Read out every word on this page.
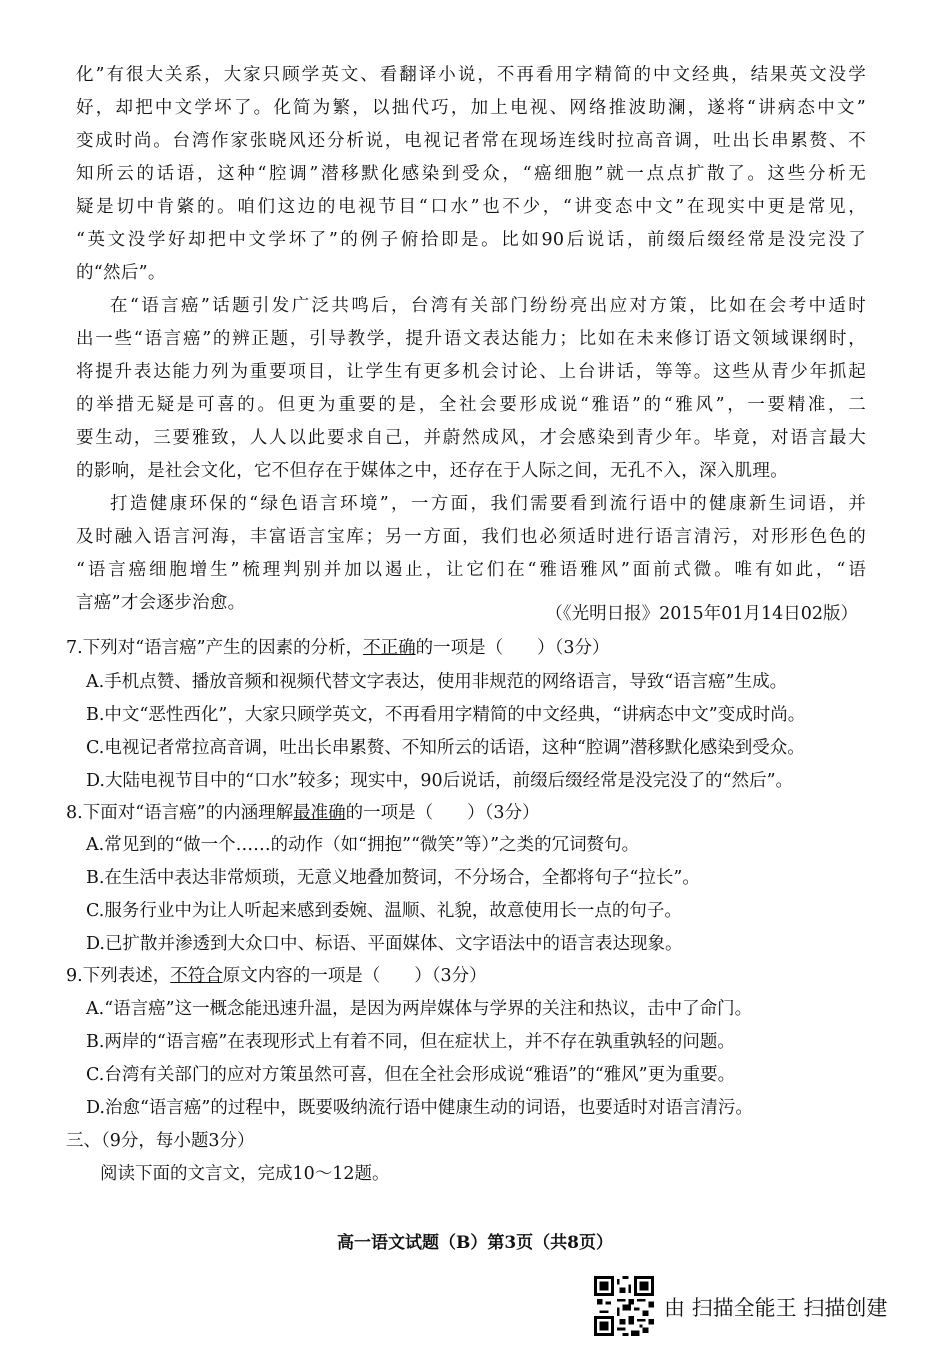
化”有很大关系，大家只顾学英文、看翻译小说，不再看用字精简的中文经典，结果英文没学
好，却把中文学坏了。化简为繁，以拙代巧，加上电视、网络推波助澜，遂将“讲病态中文”
变成时尚。台湾作家张晓风还分析说，电视记者常在现场连线时拉高音调，吐出长串累赘、不
知所云的话语，这种“腔调”潜移默化感染到受众，“癌细胞”就一点点扩散了。这些分析无
疑是切中肯綮的。咱们这边的电视节目“口水”也不少，“讲变态中文”在现实中更是常见，
“英文没学好却把中文学坏了”的例子俯拾即是。比如90后说话，前缀后缀经常是没完没了
的“然后”。
在“语言癌”话题引发广泛共鸣后，台湾有关部门纷纷亮出应对方策，比如在会考中适时
出一些“语言癌”的辨正题，引导教学，提升语文表达能力；比如在未来修订语文领域课纲时，
将提升表达能力列为重要项目，让学生有更多机会讨论、上台讲话，等等。这些从青少年抓起
的举措无疑是可喜的。但更为重要的是，全社会要形成说“雅语”的“雅风”，一要精准，二
要生动，三要雅致，人人以此要求自己，并蔚然成风，才会感染到青少年。毕竟，对语言最大
的影响，是社会文化，它不但存在于媒体之中，还存在于人际之间，无孔不入，深入肌理。
打造健康环保的“绿色语言环境”，一方面，我们需要看到流行语中的健康新生词语，并
及时融入语言河海，丰富语言宝库；另一方面，我们也必须适时进行语言清污，对形形色色的
“语言癌细胞增生”梳理判别并加以遏止，让它们在“雅语雅风”面前式微。唯有如此，“语
言癌”才会逐步治愈。
（《光明日报》2015年01月14日02版）
7.下列对“语言癌”产生的因素的分析，不正确的一项是（ ）（3分）
A.手机点赞、播放音频和视频代替文字表达，使用非规范的网络语言，导致“语言癌”生成。
B.中文“恶性西化”，大家只顾学英文，不再看用字精简的中文经典，“讲病态中文”变成时尚。
C.电视记者常拉高音调，吐出长串累赘、不知所云的话语，这种“腔调”潜移默化感染到受众。
D.大陆电视节目中的“口水”较多；现实中，90后说话，前缀后缀经常是没完没了的“然后”。
8.下面对“语言癌”的内涵理解最准确的一项是（ ）（3分）
A.常见到的“做一个……的动作（如“拥抱”“微笑”等）”之类的冗词赘句。
B.在生活中表达非常烦琐，无意义地叠加赘词，不分场合，全都将句子“拉长”。
C.服务行业中为让人听起来感到委婉、温顺、礼貌，故意使用长一点的句子。
D.已扩散并渗透到大众口中、标语、平面媒体、文字语法中的语言表达现象。
9.下列表述，不符合原文内容的一项是（ ）（3分）
A.“语言癌”这一概念能迅速升温，是因为两岸媒体与学界的关注和热议，击中了命门。
B.两岸的“语言癌”在表现形式上有着不同，但在症状上，并不存在孰重孰轻的问题。
C.台湾有关部门的应对方策虽然可喜，但在全社会形成说“雅语”的“雅风”更为重要。
D.治愈“语言癌”的过程中，既要吸纳流行语中健康生动的词语，也要适时对语言清污。
三、（9分，每小题3分）
阅读下面的文言文，完成10～12题。
高一语文试题（B）第3页（共8页）
由 扫描全能王 扫描创建
